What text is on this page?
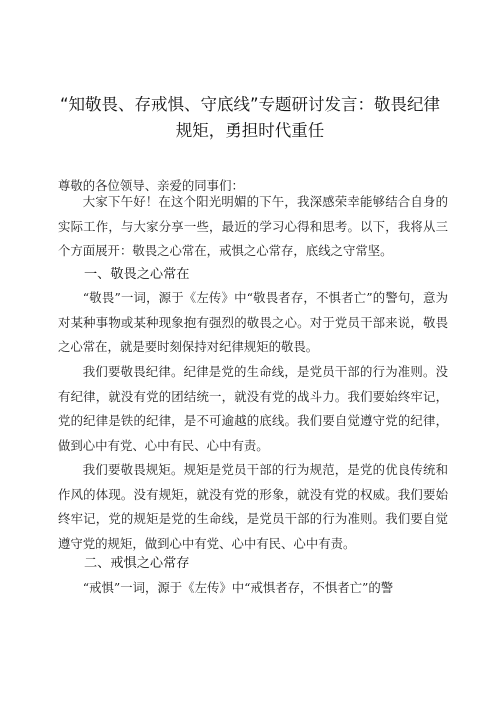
“知敬畏、存戒惧、守底线”专题研讨发言：敬畏纪律
规矩，勇担时代重任
尊敬的各位领导、亲爱的同事们：
大家下午好！在这个阳光明媚的下午，我深感荣幸能够结合自身的实际工作，与大家分享一些，最近的学习心得和思考。以下，我将从三个方面展开：敬畏之心常在，戒惧之心常存，底线之守常坚。
一、敬畏之心常在
“敬畏”一词，源于《左传》中“敬畏者存，不惧者亡”的警句，意为对某种事物或某种现象抱有强烈的敬畏之心。对于党员干部来说，敬畏之心常在，就是要时刻保持对纪律规矩的敬畏。
我们要敬畏纪律。纪律是党的生命线，是党员干部的行为准则。没有纪律，就没有党的团结统一，就没有党的战斗力。我们要始终牢记，党的纪律是铁的纪律，是不可逾越的底线。我们要自觉遵守党的纪律，做到心中有党、心中有民、心中有责。
我们要敬畏规矩。规矩是党员干部的行为规范，是党的优良传统和作风的体现。没有规矩，就没有党的形象，就没有党的权威。我们要始终牢记，党的规矩是党的生命线，是党员干部的行为准则。我们要自觉遵守党的规矩，做到心中有党、心中有民、心中有责。
二、戒惧之心常存
“戒惧”一词，源于《左传》中“戒惧者存，不惧者亡”的警
